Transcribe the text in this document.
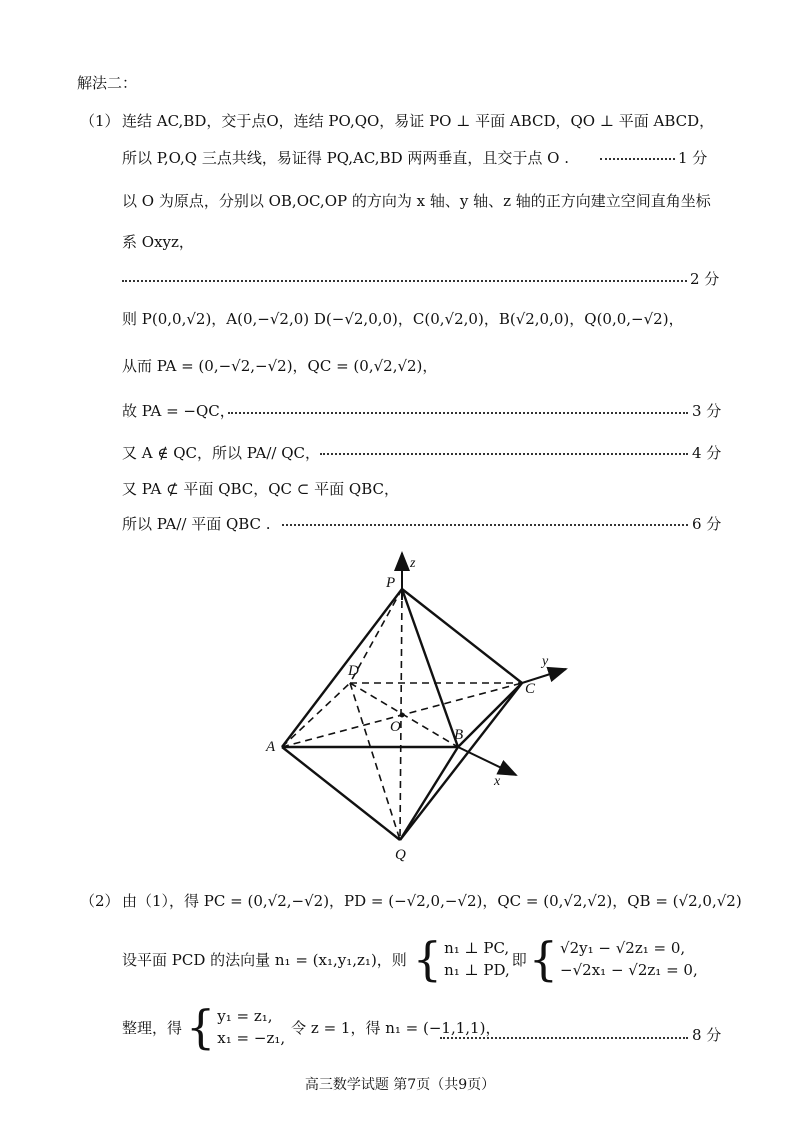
解法二：
（1） 连结 AC,BD，交于点O，连结 PO,QO，易证 PO ⊥ 平面 ABCD，QO ⊥ 平面 ABCD，
所以 P,O,Q 三点共线，易证得 PQ,AC,BD 两两垂直，且交于点 O .	1 分
以 O 为原点，分别以 OB,OC,OP 的方向为 x 轴、y 轴、z 轴的正方向建立空间直角坐标
系 Oxyz，
2 分
则 P(0,0,√2)，A(0,−√2,0) D(−√2,0,0)，C(0,√2,0)，B(√2,0,0)，Q(0,0,−√2)，
从而 PA = (0,−√2,−√2)，QC = (0,√2,√2)，
故 PA = −QC，	3 分
又 A ∉ QC，所以 PA// QC，	4 分
又 PA ⊄ 平面 QBC，QC ⊂ 平面 QBC，
所以 PA// 平面 QBC .	6 分
P
D
C
O
A
B
Q
z
y
x
（2） 由（1），得 PC = (0,√2,−√2)，PD = (−√2,0,−√2)，QC = (0,√2,√2)，QB = (√2,0,√2)
设平面 PCD 的法向量 n₁ = (x₁,y₁,z₁)，则 { n₁ ⊥ PC,
n₁ ⊥ PD,
即 { √2y₁ − √2z₁ = 0,
−√2x₁ − √2z₁ = 0,
整理，得 { y₁ = z₁,
x₁ = −z₁,
令 z = 1，得 n₁ = (−1,1,1)，	8 分
高三数学试题 第7页（共9页）
